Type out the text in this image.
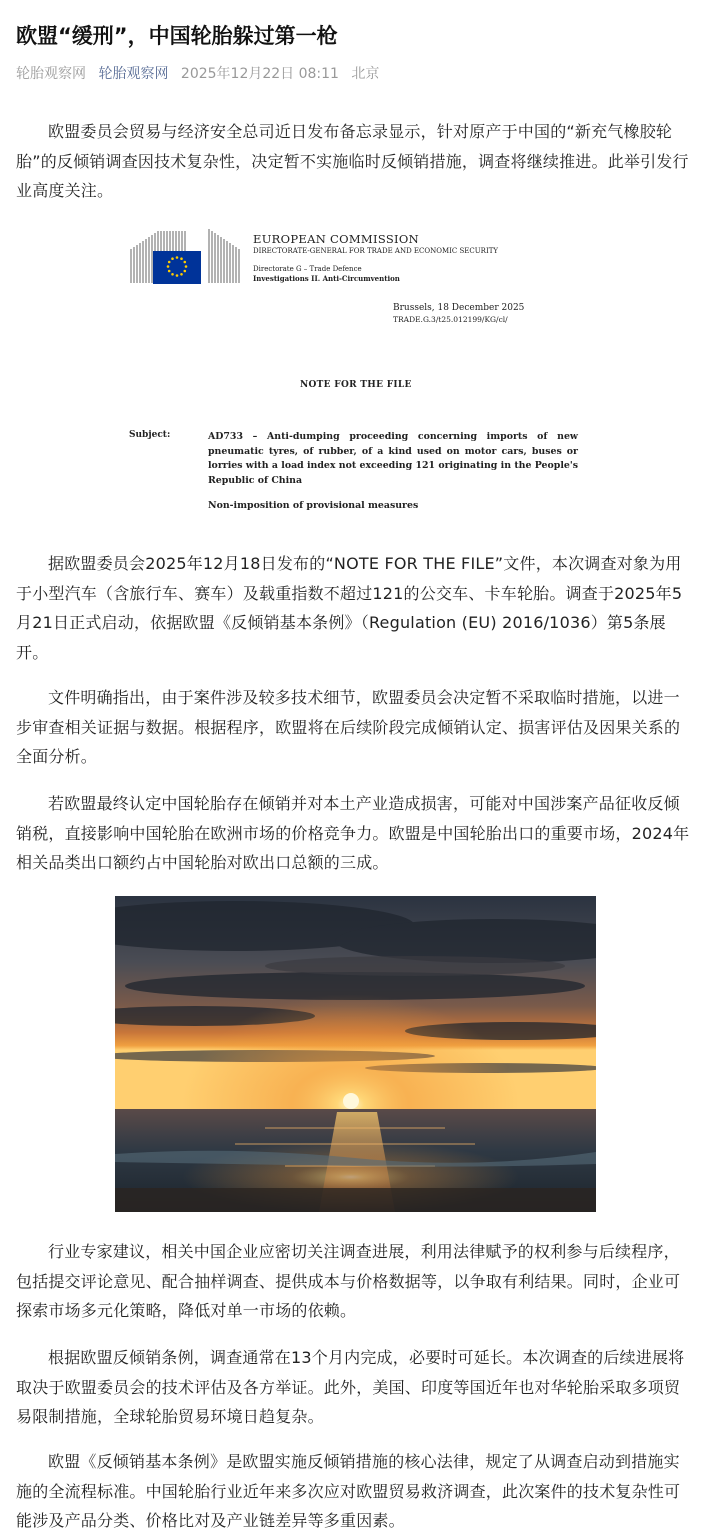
欧盟“缓刑”，中国轮胎躲过第一枪
轮胎观察网 轮胎观察网 2025年12月22日 08:11 北京

欧盟委员会贸易与经济安全总司近日发布备忘录显示，针对原产于中国的“新充气橡胶轮胎”的反倾销调查因技术复杂性，决定暂不实施临时反倾销措施，调查将继续推进。此举引发行业高度关注。

EUROPEAN COMMISSION
DIRECTORATE-GENERAL FOR TRADE AND ECONOMIC SECURITY
Directorate G – Trade Defence
Investigations II. Anti-Circumvention
Brussels, 18 December 2025
TRADE.G.3/t25.012199/KG/cl/
NOTE FOR THE FILE
Subject:	AD733 – Anti-dumping proceeding concerning imports of new pneumatic tyres, of rubber, of a kind used on motor cars, buses or lorries with a load index not exceeding 121 originating in the People's Republic of China
Non-imposition of provisional measures

据欧盟委员会2025年12月18日发布的“NOTE FOR THE FILE”文件，本次调查对象为用于小型汽车（含旅行车、赛车）及载重指数不超过121的公交车、卡车轮胎。调查于2025年5月21日正式启动，依据欧盟《反倾销基本条例》（Regulation (EU) 2016/1036）第5条展开。

文件明确指出，由于案件涉及较多技术细节，欧盟委员会决定暂不采取临时措施，以进一步审查相关证据与数据。根据程序，欧盟将在后续阶段完成倾销认定、损害评估及因果关系的全面分析。

若欧盟最终认定中国轮胎存在倾销并对本土产业造成损害，可能对中国涉案产品征收反倾销税，直接影响中国轮胎在欧洲市场的价格竞争力。欧盟是中国轮胎出口的重要市场，2024年相关品类出口额约占中国轮胎对欧出口总额的三成。

行业专家建议，相关中国企业应密切关注调查进展，利用法律赋予的权利参与后续程序，包括提交评论意见、配合抽样调查、提供成本与价格数据等，以争取有利结果。同时，企业可探索市场多元化策略，降低对单一市场的依赖。

根据欧盟反倾销条例，调查通常在13个月内完成，必要时可延长。本次调查的后续进展将取决于欧盟委员会的技术评估及各方举证。此外，美国、印度等国近年也对华轮胎采取多项贸易限制措施，全球轮胎贸易环境日趋复杂。

欧盟《反倾销基本条例》是欧盟实施反倾销措施的核心法律，规定了从调查启动到措施实施的全流程标准。中国轮胎行业近年来多次应对欧盟贸易救济调查，此次案件的技术复杂性可能涉及产品分类、价格比对及产业链差异等多重因素。
